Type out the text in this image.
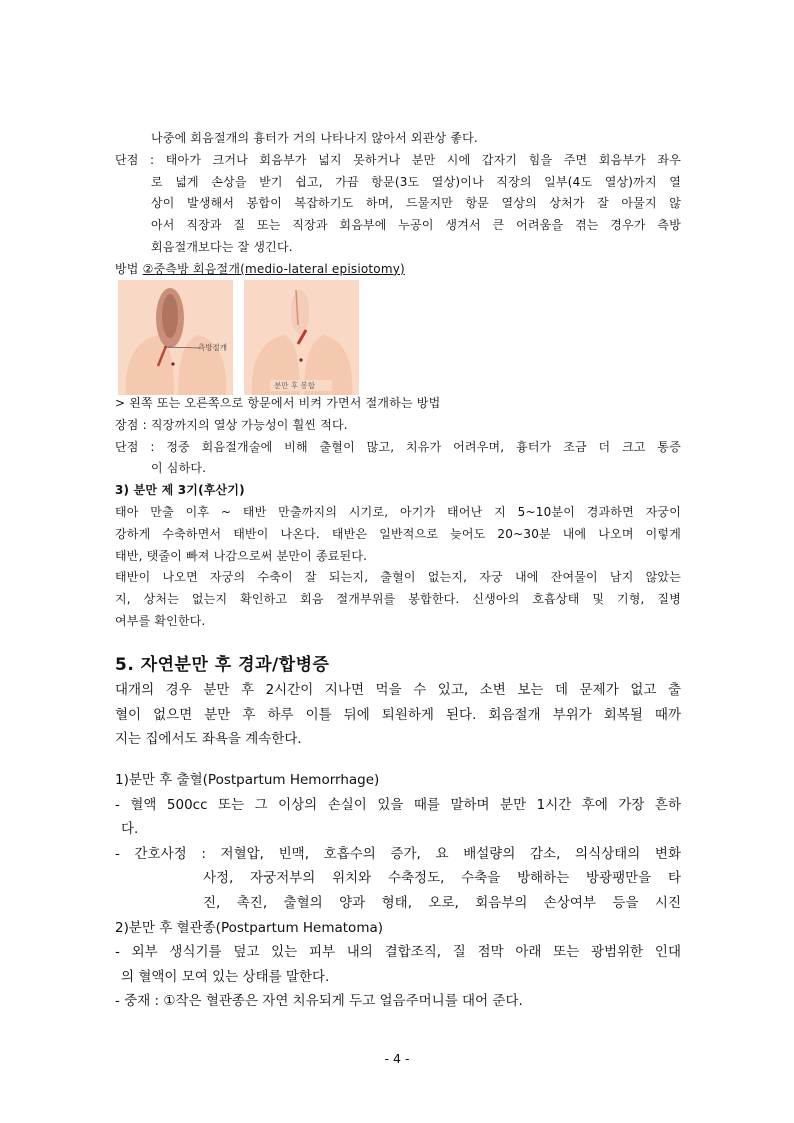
나중에 회음절개의 흉터가 거의 나타나지 않아서 외관상 좋다.
단점 : 태아가 크거나 회음부가 넓지 못하거나 분만 시에 갑자기 힘을 주면 회음부가 좌우
로 넓게 손상을 받기 쉽고, 가끔 항문(3도 열상)이나 직장의 일부(4도 열상)까지 열
상이 발생해서 봉합이 복잡하기도 하며, 드물지만 항문 열상의 상처가 잘 아물지 않
아서 직장과 질 또는 직장과 회음부에 누공이 생겨서 큰 어려움을 겪는 경우가 측방
회음절개보다는 잘 생긴다.
방법 ②중측방 회음절개(medio-lateral episiotomy)
측방절개
분만 후 봉합
> 왼쪽 또는 오른쪽으로 항문에서 비켜 가면서 절개하는 방법
장점 : 직장까지의 열상 가능성이 훨씬 적다.
단점 : 정중 회음절개술에 비해 출혈이 많고, 치유가 어려우며, 흉터가 조금 더 크고 통증
이 심하다.
3) 분만 제 3기(후산기)
태아 만출 이후 ~ 태반 만출까지의 시기로, 아기가 태어난 지 5~10분이 경과하면 자궁이
강하게 수축하면서 태반이 나온다. 태반은 일반적으로 늦어도 20~30분 내에 나오며 이렇게
태반, 탯줄이 빠져 나감으로써 분만이 종료된다.
태반이 나오면 자궁의 수축이 잘 되는지, 출혈이 없는지, 자궁 내에 잔여물이 남지 않았는
지, 상처는 없는지 확인하고 회음 절개부위를 봉합한다. 신생아의 호흡상태 및 기형, 질병
여부를 확인한다.
5. 자연분만 후 경과/합병증
대개의 경우 분만 후 2시간이 지나면 먹을 수 있고, 소변 보는 데 문제가 없고 출
혈이 없으면 분만 후 하루 이틀 뒤에 퇴원하게 된다. 회음절개 부위가 회복될 때까
지는 집에서도 좌욕을 계속한다.
1)분만 후 출혈(Postpartum Hemorrhage)
- 혈액 500cc 또는 그 이상의 손실이 있을 때를 말하며 분만 1시간 후에 가장 흔하
다.
- 간호사정 : 저혈압, 빈맥, 호흡수의 증가, 요 배설량의 감소, 의식상태의 변화
사정, 자궁저부의 위치와 수축정도, 수축을 방해하는 방광팽만을 타
진, 촉진, 출혈의 양과 형태, 오로, 회음부의 손상여부 등을 시진
2)분만 후 혈관종(Postpartum Hematoma)
- 외부 생식기를 덮고 있는 피부 내의 결합조직, 질 점막 아래 또는 광범위한 인대
의 혈액이 모여 있는 상태를 말한다.
- 중재 : ①작은 혈관종은 자연 치유되게 두고 얼음주머니를 대어 준다.
- 4 -
